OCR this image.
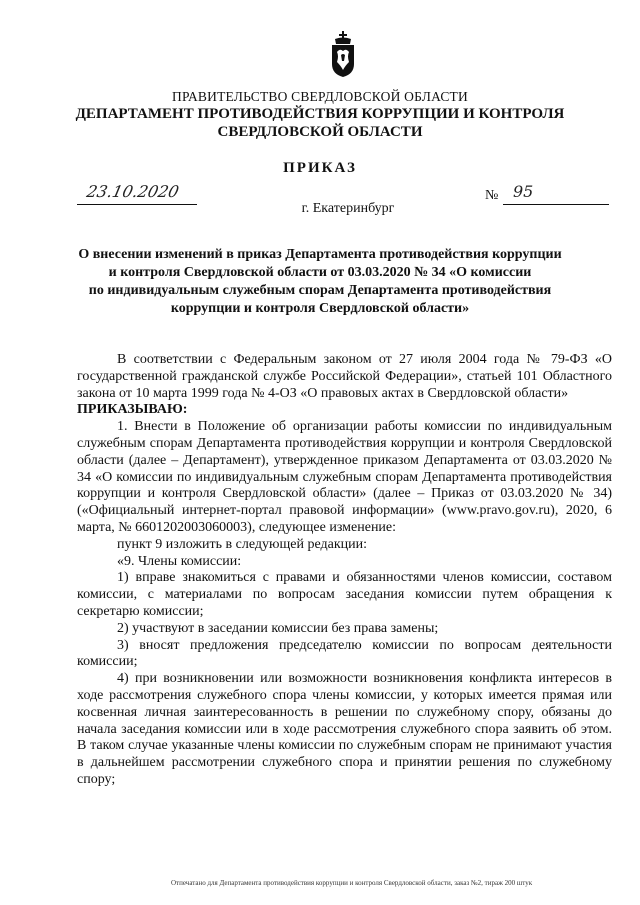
ПРАВИТЕЛЬСТВО СВЕРДЛОВСКОЙ ОБЛАСТИ
ДЕПАРТАМЕНТ ПРОТИВОДЕЙСТВИЯ КОРРУПЦИИ И КОНТРОЛЯ
СВЕРДЛОВСКОЙ ОБЛАСТИ
ПРИКАЗ
23.10.2020	№ 95
г. Екатеринбург
О внесении изменений в приказ Департамента противодействия коррупции
и контроля Свердловской области от 03.03.2020 № 34 «О комиссии
по индивидуальным служебным спорам Департамента противодействия
коррупции и контроля Свердловской области»

В соответствии с Федеральным законом от 27 июля 2004 года № 79-ФЗ «О государственной гражданской службе Российской Федерации», статьей 101 Областного закона от 10 марта 1999 года № 4-ОЗ «О правовых актах в Свердловской области»

ПРИКАЗЫВАЮ:

1. Внести в Положение об организации работы комиссии по индивидуальным служебным спорам Департамента противодействия коррупции и контроля Свердловской области (далее – Департамент), утвержденное приказом Департамента от 03.03.2020 № 34 «О комиссии по индивидуальным служебным спорам Департамента противодействия коррупции и контроля Свердловской области» (далее – Приказ от 03.03.2020 № 34) («Официальный интернет-портал правовой информации» (www.pravo.gov.ru), 2020, 6 марта, № 6601202003060003), следующее изменение:

пункт 9 изложить в следующей редакции:

«9. Члены комиссии:

1) вправе знакомиться с правами и обязанностями членов комиссии, составом комиссии, с материалами по вопросам заседания комиссии путем обращения к секретарю комиссии;

2) участвуют в заседании комиссии без права замены;

3) вносят предложения председателю комиссии по вопросам деятельности комиссии;

4) при возникновении или возможности возникновения конфликта интересов в ходе рассмотрения служебного спора члены комиссии, у которых имеется прямая или косвенная личная заинтересованность в решении по служебному спору, обязаны до начала заседания комиссии или в ходе рассмотрения служебного спора заявить об этом. В таком случае указанные члены комиссии по служебным спорам не принимают участия в дальнейшем рассмотрении служебного спора и принятии решения по служебному спору;

Отпечатано для Департамента противодействия коррупции и контроля Свердловской области, заказ №2, тираж 200 штук
